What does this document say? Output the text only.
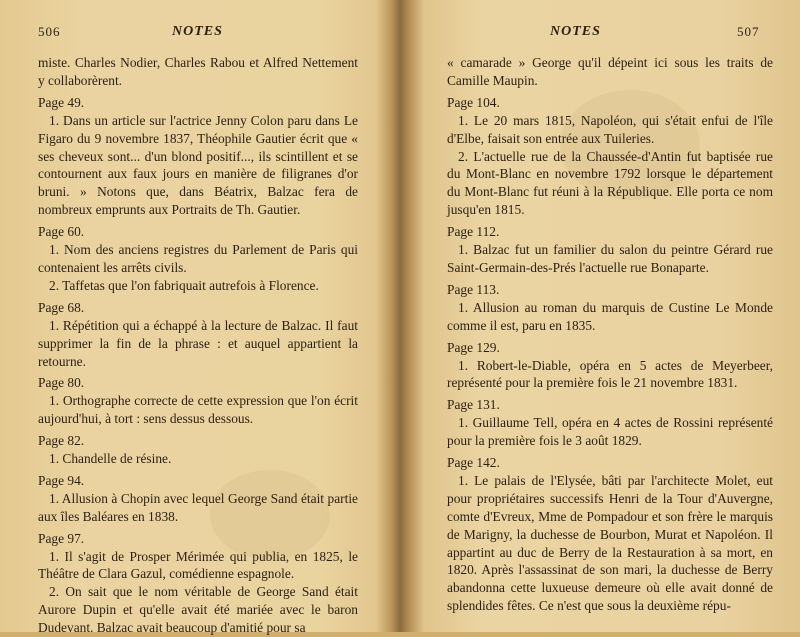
506	NOTES
miste. Charles Nodier, Charles Rabou et Alfred Nettement y collaborèrent.
Page 49.
1. Dans un article sur l'actrice Jenny Colon paru dans Le Figaro du 9 novembre 1837, Théophile Gautier écrit que « ses cheveux sont... d'un blond positif..., ils scintillent et se contournent aux faux jours en manière de filigranes d'or bruni. » Notons que, dans Béatrix, Balzac fera de nombreux emprunts aux Portraits de Th. Gautier.
Page 60.
1. Nom des anciens registres du Parlement de Paris qui contenaient les arrêts civils.
2. Taffetas que l'on fabriquait autrefois à Florence.
Page 68.
1. Répétition qui a échappé à la lecture de Balzac. Il faut supprimer la fin de la phrase : et auquel appartient la retourne.
Page 80.
1. Orthographe correcte de cette expression que l'on écrit aujourd'hui, à tort : sens dessus dessous.
Page 82.
1. Chandelle de résine.
Page 94.
1. Allusion à Chopin avec lequel George Sand était partie aux îles Baléares en 1838.
Page 97.
1. Il s'agit de Prosper Mérimée qui publia, en 1825, le Théâtre de Clara Gazul, comédienne espagnole.
2. On sait que le nom véritable de George Sand était Aurore Dupin et qu'elle avait été mariée avec le baron Dudevant. Balzac avait beaucoup d'amitié pour sa
NOTES	507
« camarade » George qu'il dépeint ici sous les traits de Camille Maupin.
Page 104.
1. Le 20 mars 1815, Napoléon, qui s'était enfui de l'île d'Elbe, faisait son entrée aux Tuileries.
2. L'actuelle rue de la Chaussée-d'Antin fut baptisée rue du Mont-Blanc en novembre 1792 lorsque le département du Mont-Blanc fut réuni à la République. Elle porta ce nom jusqu'en 1815.
Page 112.
1. Balzac fut un familier du salon du peintre Gérard rue Saint-Germain-des-Prés l'actuelle rue Bonaparte.
Page 113.
1. Allusion au roman du marquis de Custine Le Monde comme il est, paru en 1835.
Page 129.
1. Robert-le-Diable, opéra en 5 actes de Meyerbeer, représenté pour la première fois le 21 novembre 1831.
Page 131.
1. Guillaume Tell, opéra en 4 actes de Rossini représenté pour la première fois le 3 août 1829.
Page 142.
1. Le palais de l'Elysée, bâti par l'architecte Molet, eut pour propriétaires successifs Henri de la Tour d'Auvergne, comte d'Evreux, Mme de Pompadour et son frère le marquis de Marigny, la duchesse de Bourbon, Murat et Napoléon. Il appartint au duc de Berry de la Restauration à sa mort, en 1820. Après l'assassinat de son mari, la duchesse de Berry abandonna cette luxueuse demeure où elle avait donné de splendides fêtes. Ce n'est que sous la deuxième répu-
